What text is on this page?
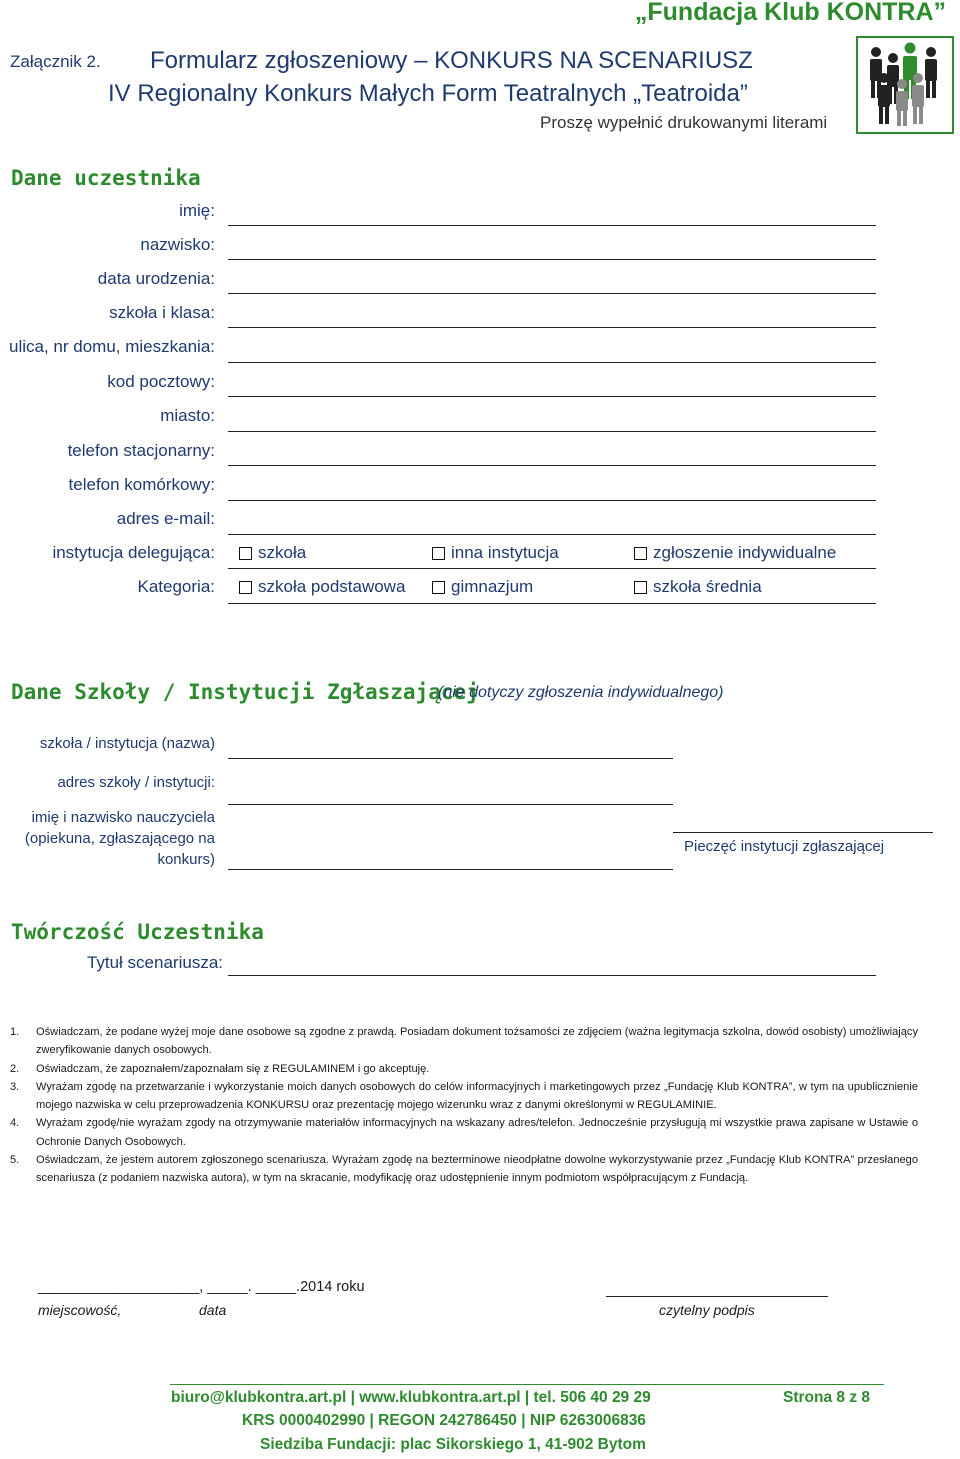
„Fundacja Klub KONTRA”
Załącznik 2. Formularz zgłoszeniowy – KONKURS NA SCENARIUSZ
IV Regionalny Konkurs Małych Form Teatralnych „Teatroida”
Proszę wypełnić drukowanymi literami
Dane uczestnika
imię:
nazwisko:
data urodzenia:
szkoła i klasa:
ulica, nr domu, mieszkania:
kod pocztowy:
miasto:
telefon stacjonarny:
telefon komórkowy:
adres e-mail:
instytucja delegująca:	szkoła	inna instytucja	zgłoszenie indywidualne
Kategoria:	szkoła podstawowa	gimnazjum	szkoła średnia
Dane Szkoły / Instytucji Zgłaszającej
(nie dotyczy zgłoszenia indywidualnego)
szkoła / instytucja (nazwa)
adres szkoły / instytucji:
imię i nazwisko nauczyciela
(opiekuna, zgłaszającego na
konkurs)
Pieczęć instytucji zgłaszającej
Twórczość Uczestnika
Tytuł scenariusza:
1. Oświadczam, że podane wyżej moje dane osobowe są zgodne z prawdą. Posiadam dokument tożsamości ze zdjęciem (ważna legitymacja szkolna, dowód osobisty) umożliwiający zweryfikowanie danych osobowych.
2. Oświadczam, że zapoznałem/zapoznałam się z REGULAMINEM i go akceptuję.
3. Wyrażam zgodę na przetwarzanie i wykorzystanie moich danych osobowych do celów informacyjnych i marketingowych przez „Fundację Klub KONTRA”, w tym na upublicznienie mojego nazwiska w celu przeprowadzenia KONKURSU oraz prezentację mojego wizerunku wraz z danymi określonymi w REGULAMINIE.
4. Wyrażam zgodę/nie wyrażam zgody na otrzymywanie materiałów informacyjnych na wskazany adres/telefon. Jednocześnie przysługują mi wszystkie prawa zapisane w Ustawie o Ochronie Danych Osobowych.
5. Oświadczam, że jestem autorem zgłoszonego scenariusza. Wyrażam zgodę na bezterminowe nieodpłatne dowolne wykorzystywanie przez „Fundację Klub KONTRA” przesłanego scenariusza (z podaniem nazwiska autora), w tym na skracanie, modyfikację oraz udostępnienie innym podmiotom współpracującym z Fundacją.
____________________, _____. _____.2014 roku
miejscowość,	data	czytelny podpis
biuro@klubkontra.art.pl | www.klubkontra.art.pl | tel. 506 40 29 29	Strona 8 z 8
KRS 0000402990 | REGON 242786450 | NIP 6263006836
Siedziba Fundacji: plac Sikorskiego 1, 41-902 Bytom
